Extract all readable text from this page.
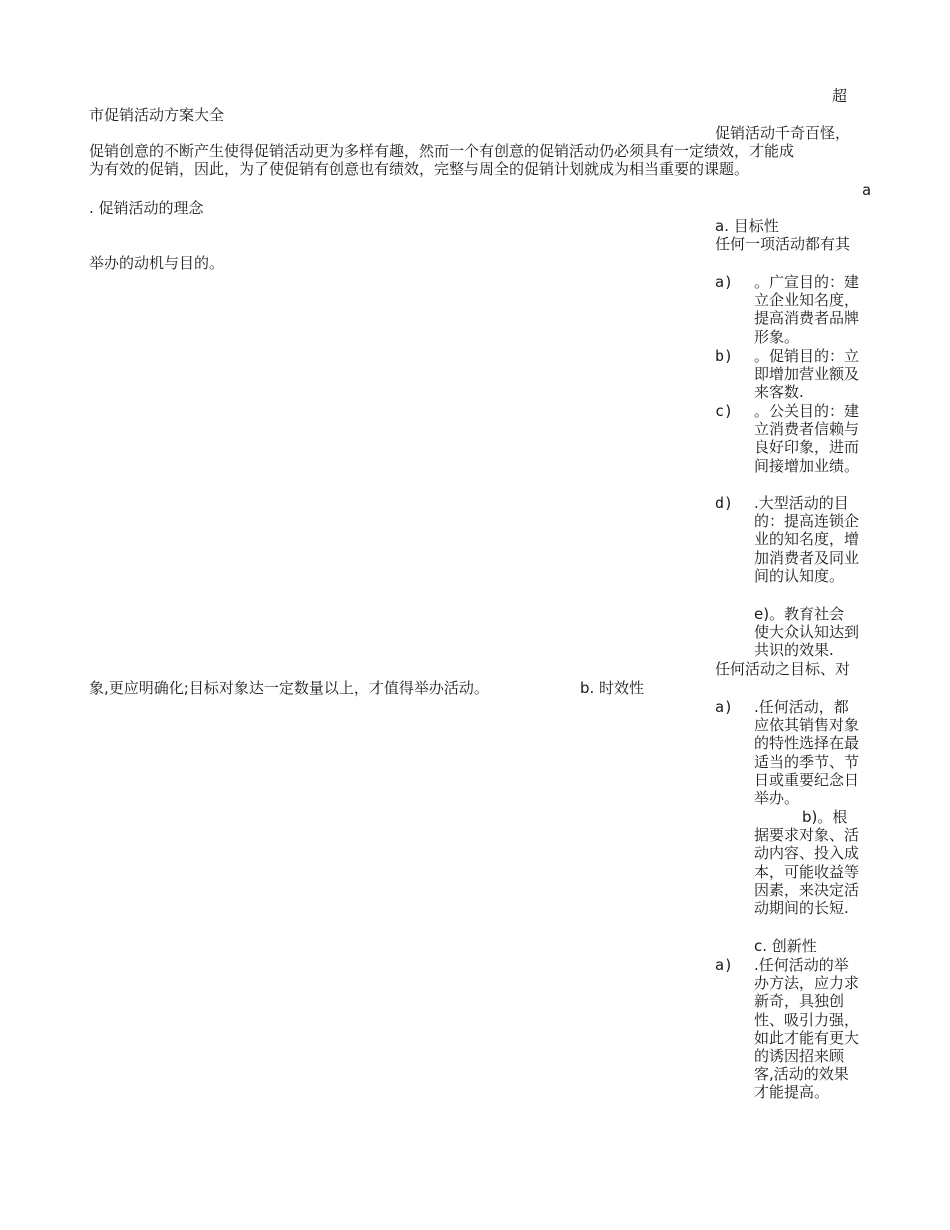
超
市促销活动方案大全
促销活动千奇百怪，
促销创意的不断产生使得促销活动更为多样有趣，然而一个有创意的促销活动仍必须具有一定绩效，才能成
为有效的促销，因此，为了使促销有创意也有绩效，完整与周全的促销计划就成为相当重要的课题。
a
. 促销活动的理念
a. 目标性
任何一项活动都有其
举办的动机与目的。
a) 。广宣目的：建立企业知名度，提高消费者品牌形象。
b) 。促销目的：立即增加营业额及来客数.
c) 。公关目的：建立消费者信赖与良好印象，进而间接增加业绩。
d) .大型活动的目的：提高连锁企业的知名度，增加消费者及同业间的认知度。
e)。教育社会使大众认知达到共识的效果.
任何活动之目标、对
象,更应明确化;目标对象达一定数量以上，才值得举办活动。	b. 时效性
a) .任何活动，都应依其销售对象的特性选择在最适当的季节、节日或重要纪念日举办。
b)。根据要求对象、活动内容、投入成本，可能收益等因素，来决定活动期间的长短.
c. 创新性
a) .任何活动的举办方法，应力求新奇，具独创性、吸引力强，如此才能有更大的诱因招来顾客,活动的效果才能提高。
